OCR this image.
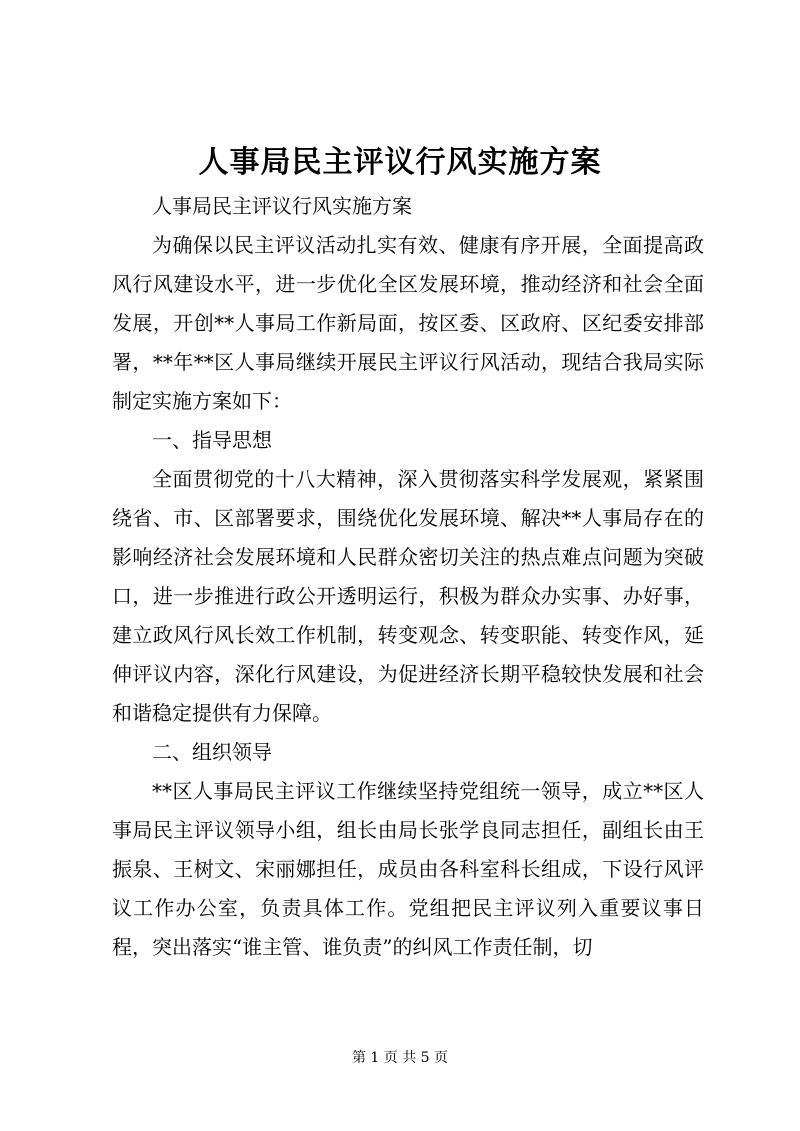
人事局民主评议行风实施方案

人事局民主评议行风实施方案

为确保以民主评议活动扎实有效、健康有序开展，全面提高政风行风建设水平，进一步优化全区发展环境，推动经济和社会全面发展，开创**人事局工作新局面，按区委、区政府、区纪委安排部署，**年**区人事局继续开展民主评议行风活动，现结合我局实际制定实施方案如下：

一、指导思想

全面贯彻党的十八大精神，深入贯彻落实科学发展观，紧紧围绕省、市、区部署要求，围绕优化发展环境、解决**人事局存在的影响经济社会发展环境和人民群众密切关注的热点难点问题为突破口，进一步推进行政公开透明运行，积极为群众办实事、办好事，建立政风行风长效工作机制，转变观念、转变职能、转变作风，延伸评议内容，深化行风建设，为促进经济长期平稳较快发展和社会和谐稳定提供有力保障。

二、组织领导

**区人事局民主评议工作继续坚持党组统一领导，成立**区人事局民主评议领导小组，组长由局长张学良同志担任，副组长由王振泉、王树文、宋丽娜担任，成员由各科室科长组成，下设行风评议工作办公室，负责具体工作。党组把民主评议列入重要议事日程，突出落实“谁主管、谁负责”的纠风工作责任制，切

第 1 页 共 5 页
